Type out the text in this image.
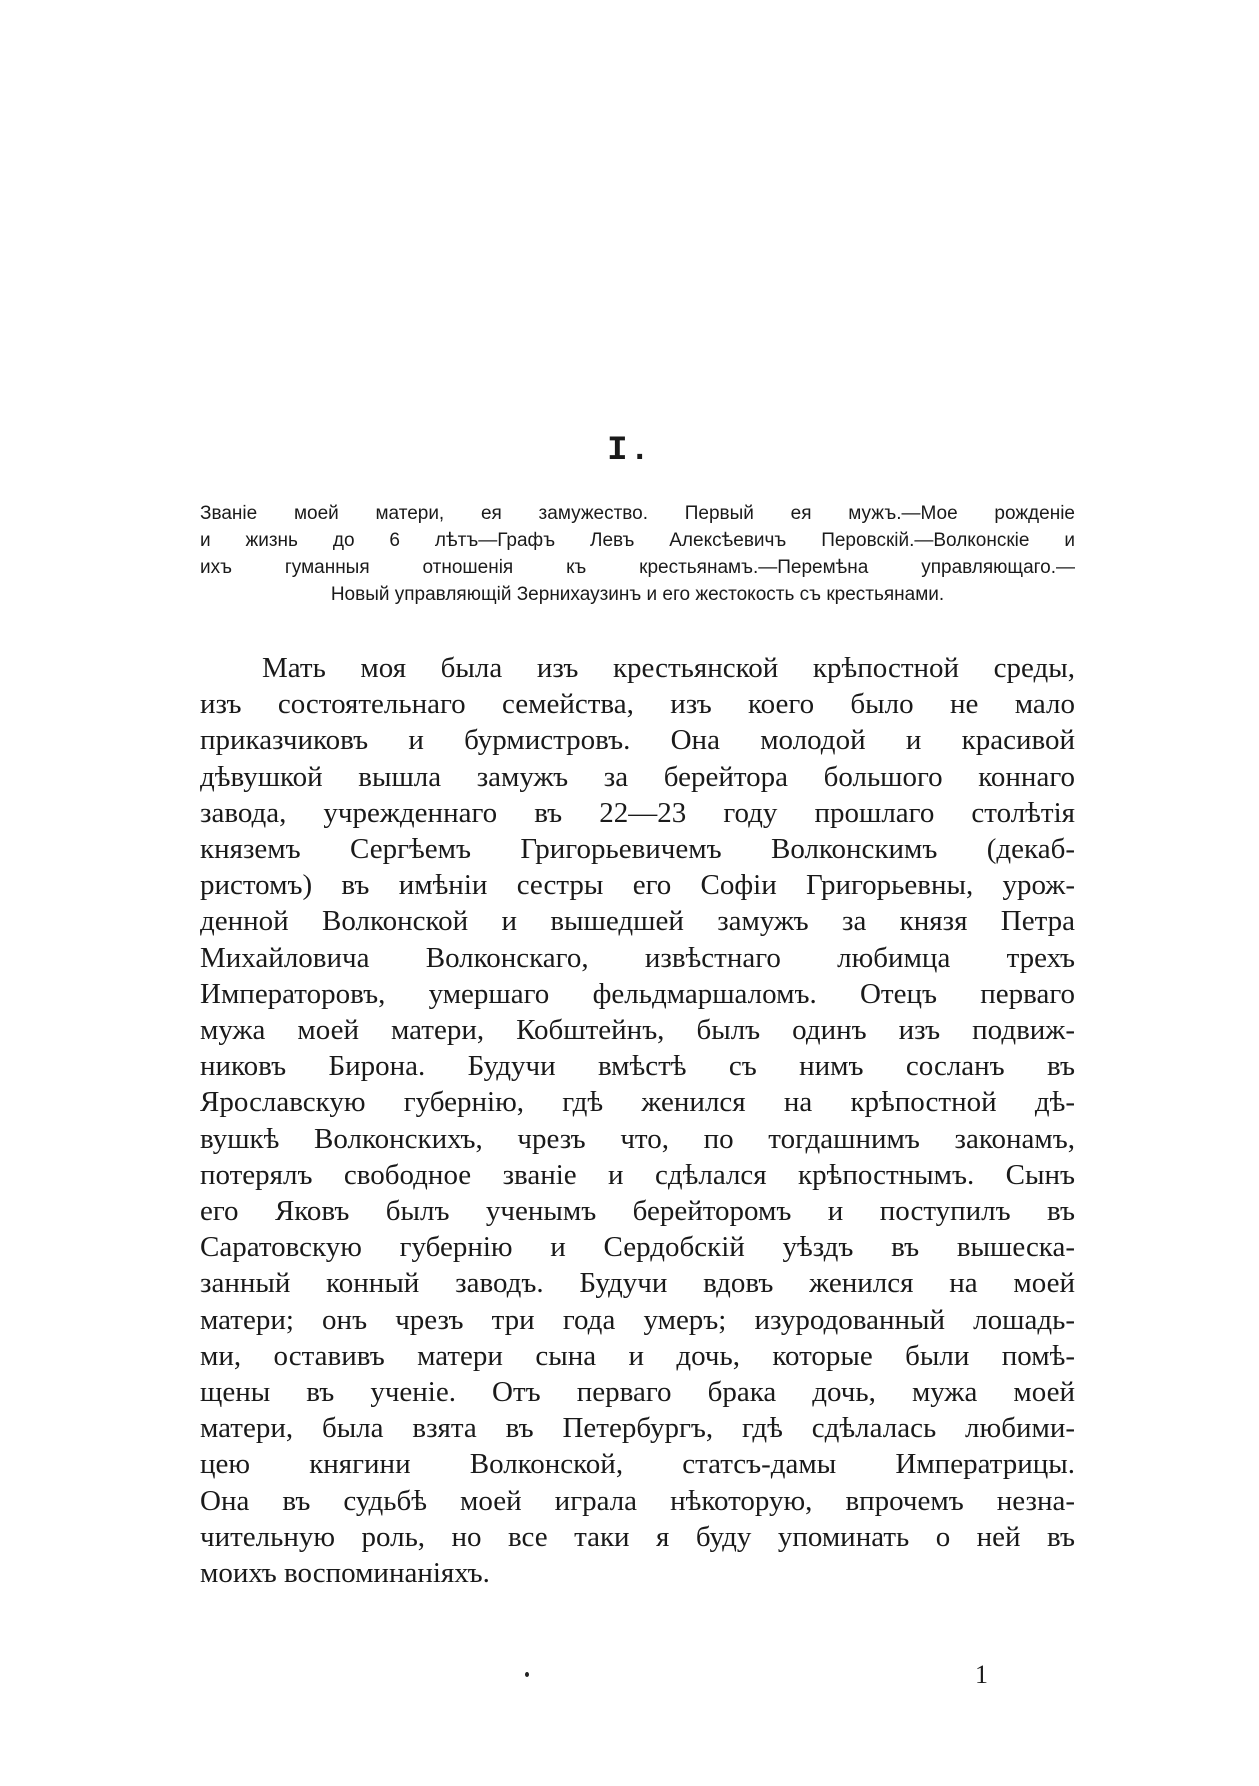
I.
Званіе моей матери, ея замужество. Первый ея мужъ.—Мое рожденіе
и жизнь до 6 лѣтъ—Графъ Левъ Алексѣевичъ Перовскій.—Волконскіе и
ихъ гуманныя отношенія къ крестьянамъ.—Перемѣна управляющаго.—
Новый управляющій Зернихаузинъ и его жестокость съ крестьянами.
Мать моя была изъ крестьянской крѣпостной среды,
изъ состоятельнаго семейства, изъ коего было не мало
приказчиковъ и бурмистровъ. Она молодой и красивой
дѣвушкой вышла замужъ за берейтора большого коннаго
завода, учрежденнаго въ 22—23 году прошлаго столѣтія
княземъ Сергѣемъ Григорьевичемъ Волконскимъ (декаб-
ристомъ) въ имѣніи сестры его Софіи Григорьевны, урож-
денной Волконской и вышедшей замужъ за князя Петра
Михайловича Волконскаго, извѣстнаго любимца трехъ
Императоровъ, умершаго фельдмаршаломъ. Отецъ перваго
мужа моей матери, Кобштейнъ, былъ одинъ изъ подвиж-
никовъ Бирона. Будучи вмѣстѣ съ нимъ сосланъ въ
Ярославскую губернію, гдѣ женился на крѣпостной дѣ-
вушкѣ Волконскихъ, чрезъ что, по тогдашнимъ законамъ,
потерялъ свободное званіе и сдѣлался крѣпостнымъ. Сынъ
его Яковъ былъ ученымъ берейторомъ и поступилъ въ
Саратовскую губернію и Сердобскій уѣздъ въ вышеска-
занный конный заводъ. Будучи вдовъ женился на моей
матери; онъ чрезъ три года умеръ; изуродованный лошадь-
ми, оставивъ матери сына и дочь, которые были помѣ-
щены въ ученіе. Отъ перваго брака дочь, мужа моей
матери, была взята въ Петербургъ, гдѣ сдѣлалась любими-
цею княгини Волконской, статсъ-дамы Императрицы.
Она въ судьбѣ моей играла нѣкоторую, впрочемъ незна-
чительную роль, но все таки я буду упоминать о ней въ
моихъ воспоминаніяхъ.

1
